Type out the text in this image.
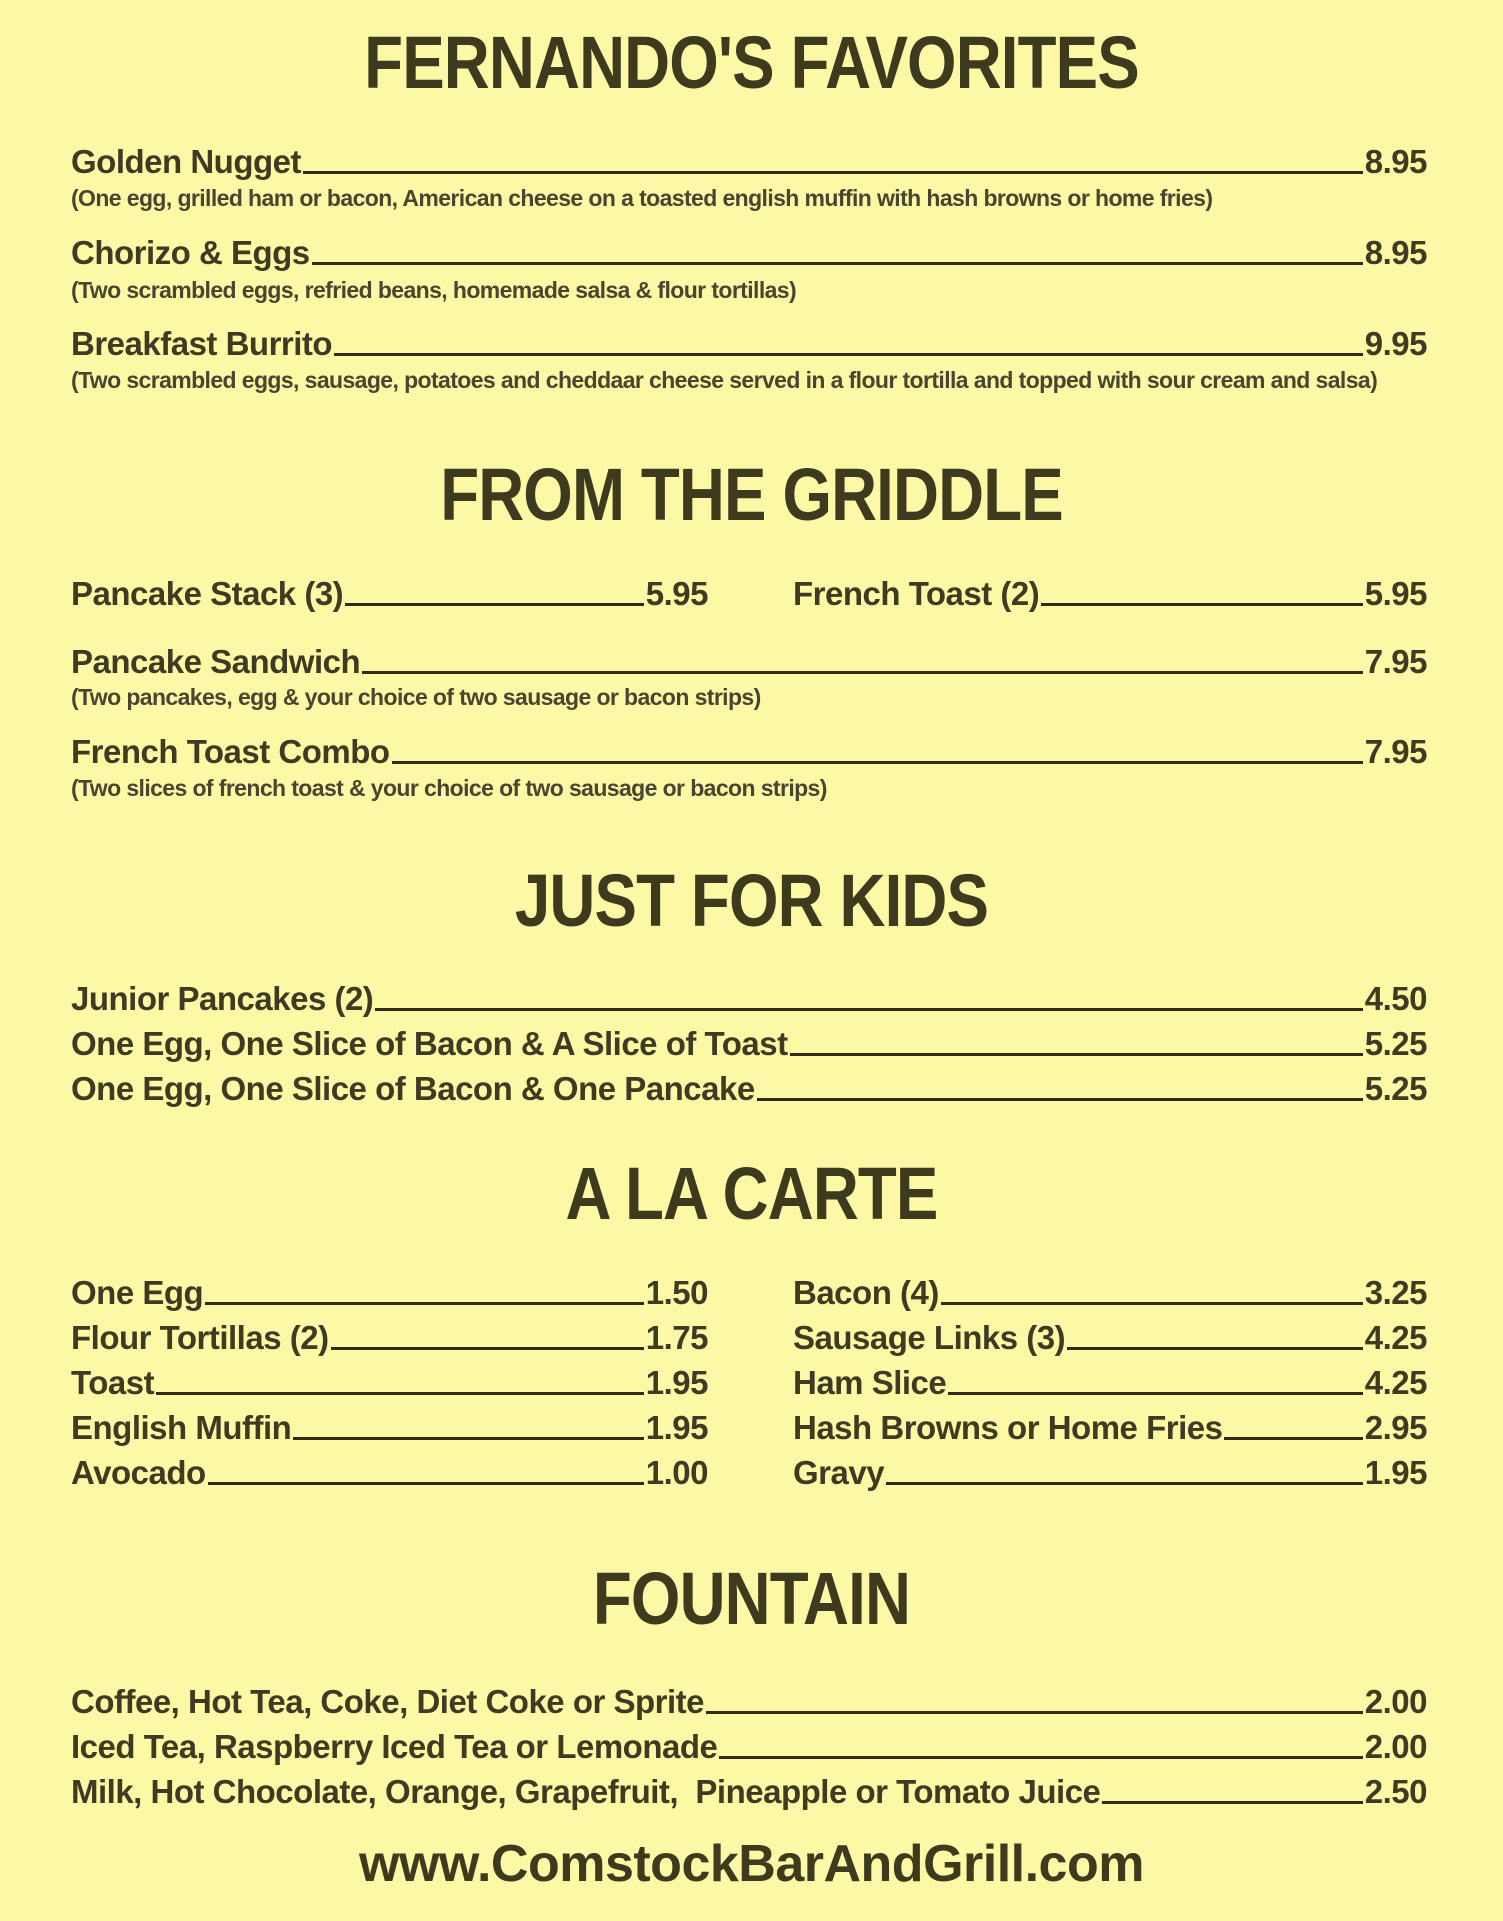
FERNANDO'S FAVORITES
Golden Nugget	8.95
(One egg, grilled ham or bacon, American cheese on a toasted english muffin with hash browns or home fries)
Chorizo & Eggs	8.95
(Two scrambled eggs, refried beans, homemade salsa & flour tortillas)
Breakfast Burrito	9.95
(Two scrambled eggs, sausage, potatoes and cheddaar cheese served in a flour tortilla and topped with sour cream and salsa)
FROM THE GRIDDLE
Pancake Stack (3)	5.95	French Toast (2)	5.95
Pancake Sandwich	7.95
(Two pancakes, egg & your choice of two sausage or bacon strips)
French Toast Combo	7.95
(Two slices of french toast & your choice of two sausage or bacon strips)
JUST FOR KIDS
Junior Pancakes (2)	4.50
One Egg, One Slice of Bacon & A Slice of Toast	5.25
One Egg, One Slice of Bacon & One Pancake	5.25
A LA CARTE
One Egg	1.50
Flour Tortillas (2)	1.75
Toast	1.95
English Muffin	1.95
Avocado	1.00
Bacon (4)	3.25
Sausage Links (3)	4.25
Ham Slice	4.25
Hash Browns or Home Fries	2.95
Gravy	1.95
FOUNTAIN
Coffee, Hot Tea, Coke, Diet Coke or Sprite	2.00
Iced Tea, Raspberry Iced Tea or Lemonade	2.00
Milk, Hot Chocolate, Orange, Grapefruit,  Pineapple or Tomato Juice	2.50
www.ComstockBarAndGrill.com
